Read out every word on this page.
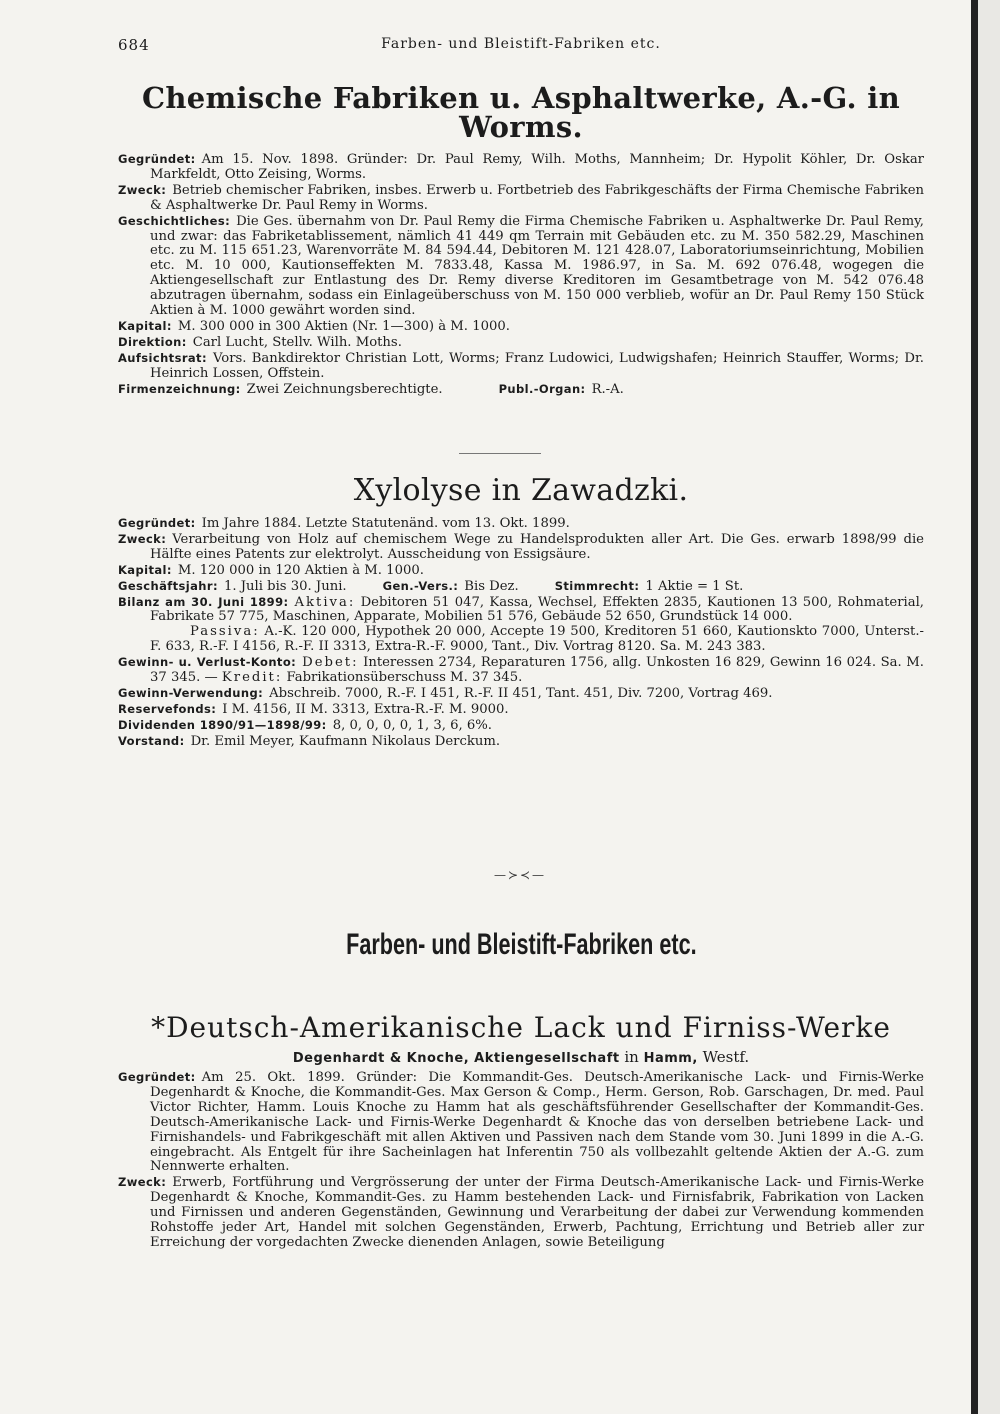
684	Farben- und Bleistift-Fabriken etc.
Chemische Fabriken u. Asphaltwerke, A.-G. in Worms.

Gegründet: Am 15. Nov. 1898. Gründer: Dr. Paul Remy, Wilh. Moths, Mannheim; Dr. Hypolit Köhler, Dr. Oskar Markfeldt, Otto Zeising, Worms.

Zweck: Betrieb chemischer Fabriken, insbes. Erwerb u. Fortbetrieb des Fabrikgeschäfts der Firma Chemische Fabriken & Asphaltwerke Dr. Paul Remy in Worms.

Geschichtliches: Die Ges. übernahm von Dr. Paul Remy die Firma Chemische Fabriken u. Asphaltwerke Dr. Paul Remy, und zwar: das Fabriketablissement, nämlich 41 449 qm Terrain mit Gebäuden etc. zu M. 350 582.29, Maschinen etc. zu M. 115 651.23, Warenvorräte M. 84 594.44, Debitoren M. 121 428.07, Laboratoriumseinrichtung, Mobilien etc. M. 10 000, Kautionseffekten M. 7833.48, Kassa M. 1986.97, in Sa. M. 692 076.48, wogegen die Aktiengesellschaft zur Entlastung des Dr. Remy diverse Kreditoren im Gesamtbetrage von M. 542 076.48 abzutragen übernahm, sodass ein Einlageüberschuss von M. 150 000 verblieb, wofür an Dr. Paul Remy 150 Stück Aktien à M. 1000 gewährt worden sind.

Kapital: M. 300 000 in 300 Aktien (Nr. 1—300) à M. 1000.

Direktion: Carl Lucht, Stellv. Wilh. Moths.

Aufsichtsrat: Vors. Bankdirektor Christian Lott, Worms; Franz Ludowici, Ludwigshafen; Heinrich Stauffer, Worms; Dr. Heinrich Lossen, Offstein.

Firmenzeichnung: Zwei Zeichnungsberechtigte.	Publ.-Organ: R.-A.

Xylolyse in Zawadzki.

Gegründet: Im Jahre 1884. Letzte Statutenänd. vom 13. Okt. 1899.

Zweck: Verarbeitung von Holz auf chemischem Wege zu Handelsprodukten aller Art. Die Ges. erwarb 1898/99 die Hälfte eines Patents zur elektrolyt. Ausscheidung von Essigsäure.

Kapital: M. 120 000 in 120 Aktien à M. 1000.

Geschäftsjahr: 1. Juli bis 30. Juni.	Gen.-Vers.: Bis Dez.	Stimmrecht: 1 Aktie = 1 St.

Bilanz am 30. Juni 1899: Aktiva: Debitoren 51 047, Kassa, Wechsel, Effekten 2835, Kautionen 13 500, Rohmaterial, Fabrikate 57 775, Maschinen, Apparate, Mobilien 51 576, Gebäude 52 650, Grundstück 14 000.

Passiva: A.-K. 120 000, Hypothek 20 000, Accepte 19 500, Kreditoren 51 660, Kautionskto 7000, Unterst.-F. 633, R.-F. I 4156, R.-F. II 3313, Extra-R.-F. 9000, Tant., Div. Vortrag 8120. Sa. M. 243 383.

Gewinn- u. Verlust-Konto: Debet: Interessen 2734, Reparaturen 1756, allg. Unkosten 16 829, Gewinn 16 024. Sa. M. 37 345. — Kredit: Fabrikationsüberschuss M. 37 345.

Gewinn-Verwendung: Abschreib. 7000, R.-F. I 451, R.-F. II 451, Tant. 451, Div. 7200, Vortrag 469.

Reservefonds: I M. 4156, II M. 3313, Extra-R.-F. M. 9000.

Dividenden 1890/91—1898/99: 8, 0, 0, 0, 0, 1, 3, 6, 6%.

Vorstand: Dr. Emil Meyer, Kaufmann Nikolaus Derckum.

—≻≺—
Farben- und Bleistift-Fabriken etc.
*Deutsch-Amerikanische Lack und Firniss-Werke

Degenhardt & Knoche, Aktiengesellschaft in Hamm, Westf.

Gegründet: Am 25. Okt. 1899. Gründer: Die Kommandit-Ges. Deutsch-Amerikanische Lack- und Firnis-Werke Degenhardt & Knoche, die Kommandit-Ges. Max Gerson & Comp., Herm. Gerson, Rob. Garschagen, Dr. med. Paul Victor Richter, Hamm. Louis Knoche zu Hamm hat als geschäftsführender Gesellschafter der Kommandit-Ges. Deutsch-Amerikanische Lack- und Firnis-Werke Degenhardt & Knoche das von derselben betriebene Lack- und Firnishandels- und Fabrikgeschäft mit allen Aktiven und Passiven nach dem Stande vom 30. Juni 1899 in die A.-G. eingebracht. Als Entgelt für ihre Sacheinlagen hat Inferentin 750 als vollbezahlt geltende Aktien der A.-G. zum Nennwerte erhalten.

Zweck: Erwerb, Fortführung und Vergrösserung der unter der Firma Deutsch-Amerikanische Lack- und Firnis-Werke Degenhardt & Knoche, Kommandit-Ges. zu Hamm bestehenden Lack- und Firnisfabrik, Fabrikation von Lacken und Firnissen und anderen Gegenständen, Gewinnung und Verarbeitung der dabei zur Verwendung kommenden Rohstoffe jeder Art, Handel mit solchen Gegenständen, Erwerb, Pachtung, Errichtung und Betrieb aller zur Erreichung der vorgedachten Zwecke dienenden Anlagen, sowie Beteiligung
